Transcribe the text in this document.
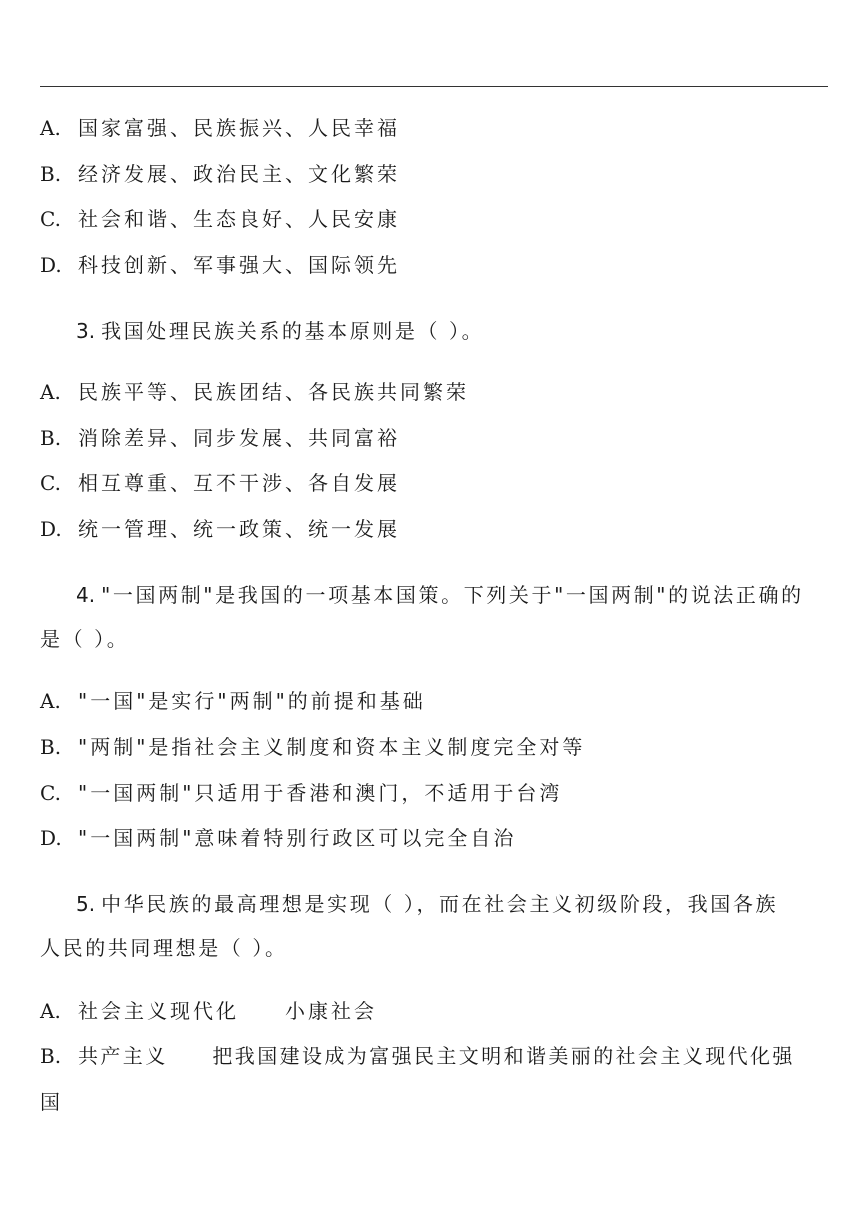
A. 国家富强、民族振兴、人民幸福
B. 经济发展、政治民主、文化繁荣
C. 社会和谐、生态良好、人民安康
D. 科技创新、军事强大、国际领先
3. 我国处理民族关系的基本原则是（ ）。
A. 民族平等、民族团结、各民族共同繁荣
B. 消除差异、同步发展、共同富裕
C. 相互尊重、互不干涉、各自发展
D. 统一管理、统一政策、统一发展
4. "一国两制"是我国的一项基本国策。下列关于"一国两制"的说法正确的
是（ ）。
A. "一国"是实行"两制"的前提和基础
B. "两制"是指社会主义制度和资本主义制度完全对等
C. "一国两制"只适用于香港和澳门，不适用于台湾
D. "一国两制"意味着特别行政区可以完全自治
5. 中华民族的最高理想是实现（ ），而在社会主义初级阶段，我国各族
人民的共同理想是（ ）。
A. 社会主义现代化　　小康社会
B. 共产主义　　把我国建设成为富强民主文明和谐美丽的社会主义现代化强
国
